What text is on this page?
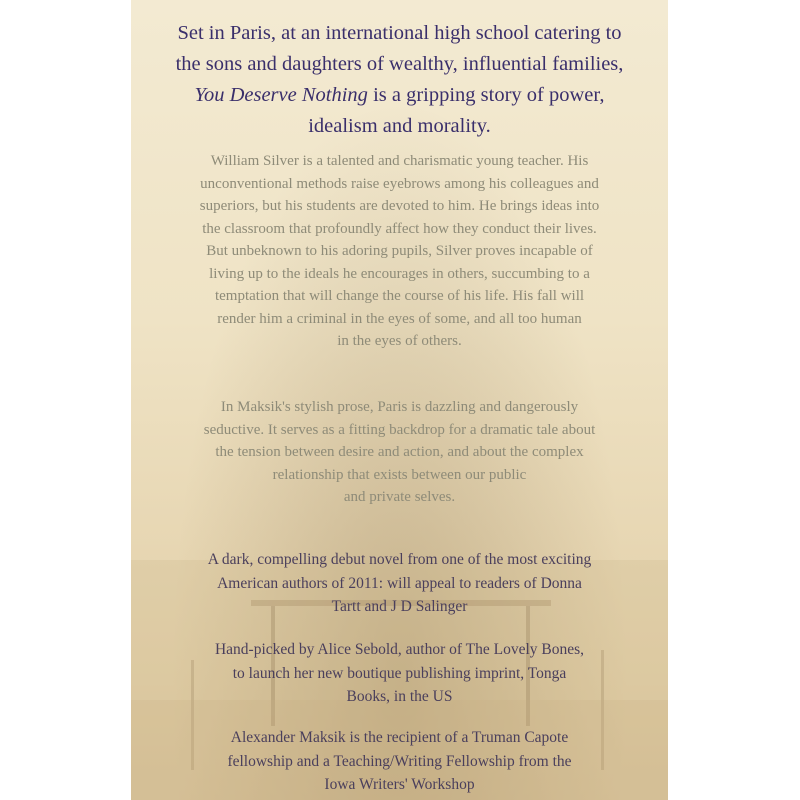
Set in Paris, at an international high school catering to
the sons and daughters of wealthy, influential families,
You Deserve Nothing is a gripping story of power,
idealism and morality.
William Silver is a talented and charismatic young teacher. His
unconventional methods raise eyebrows among his colleagues and
superiors, but his students are devoted to him. He brings ideas into
the classroom that profoundly affect how they conduct their lives.
But unbeknown to his adoring pupils, Silver proves incapable of
living up to the ideals he encourages in others, succumbing to a
temptation that will change the course of his life. His fall will
render him a criminal in the eyes of some, and all too human
in the eyes of others.
In Maksik's stylish prose, Paris is dazzling and dangerously
seductive. It serves as a fitting backdrop for a dramatic tale about
the tension between desire and action, and about the complex
relationship that exists between our public
and private selves.
A dark, compelling debut novel from one of the most exciting
American authors of 2011: will appeal to readers of Donna
Tartt and J D Salinger
Hand-picked by Alice Sebold, author of The Lovely Bones,
to launch her new boutique publishing imprint, Tonga
Books, in the US
Alexander Maksik is the recipient of a Truman Capote
fellowship and a Teaching/Writing Fellowship from the
Iowa Writers' Workshop
